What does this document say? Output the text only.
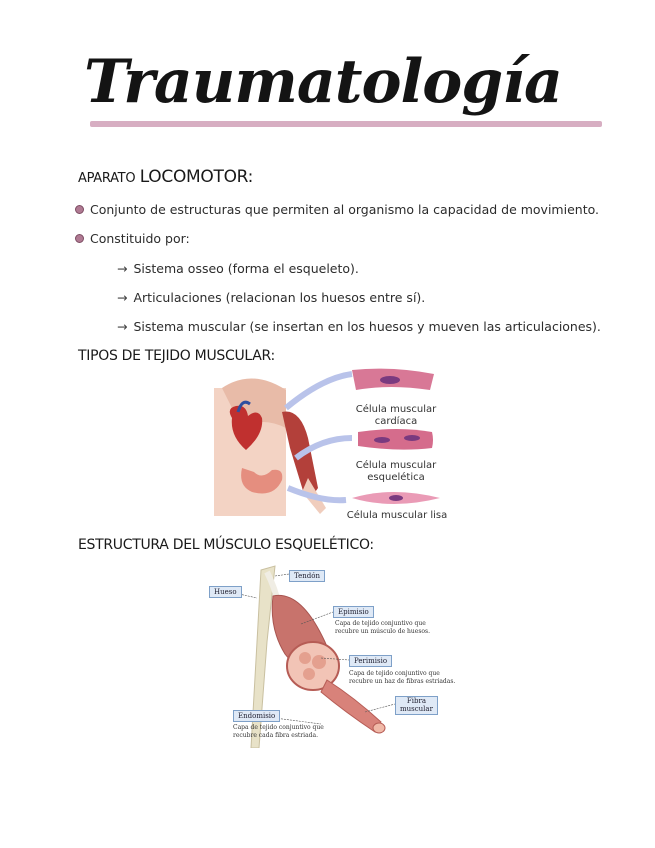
Traumatología
APARATO LOCOMOTOR:
Conjunto de estructuras que permiten al organismo la capacidad de movimiento.
Constituido por:
→ Sistema osseo (forma el esqueleto).
→ Articulaciones (relacionan los huesos entre sí).
→ Sistema muscular (se insertan en los huesos y mueven las articulaciones).
TIPOS DE TEJIDO MUSCULAR:
Célula muscular
cardíaca
Célula muscular
esquelética
Célula muscular lisa
ESTRUCTURA DEL MÚSCULO ESQUELÉTICO:
Tendón
Hueso
Epimisio
Capa de tejido conjuntivo que
recubre un músculo de huesos.
Perimisio
Capa de tejido conjuntivo que
recubre un haz de fibras estriadas.
Fibra
muscular
Endomisio
Capa de tejido conjuntivo que
recubre cada fibra estriada.
